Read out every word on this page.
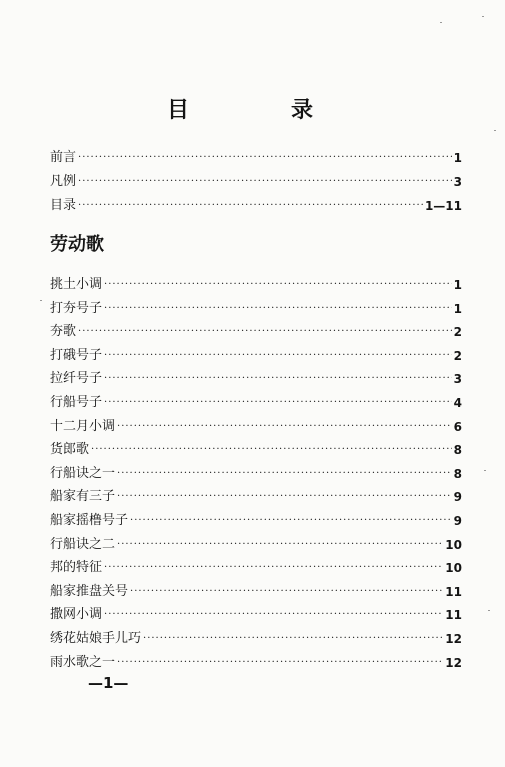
目　录
前言 ·····	1
凡例 ·····	3
目录 ·····	1—11
劳动歌
挑土小调 ·····	1
打夯号子 ·····	1
夯歌 ·····	2
打硪号子 ·····	2
拉纤号子 ·····	3
行船号子 ·····	4
十二月小调 ·····	6
货郎歌 ·····	8
行船诀之一 ·····	8
船家有三子 ·····	9
船家摇橹号子 ·····	9
行船诀之二 ·····	10
邦的特征 ·····	10
船家推盘关号 ·····	11
撒网小调 ·····	11
绣花姑娘手儿巧 ·····	12
雨水歌之一 ·····	12
—1—
